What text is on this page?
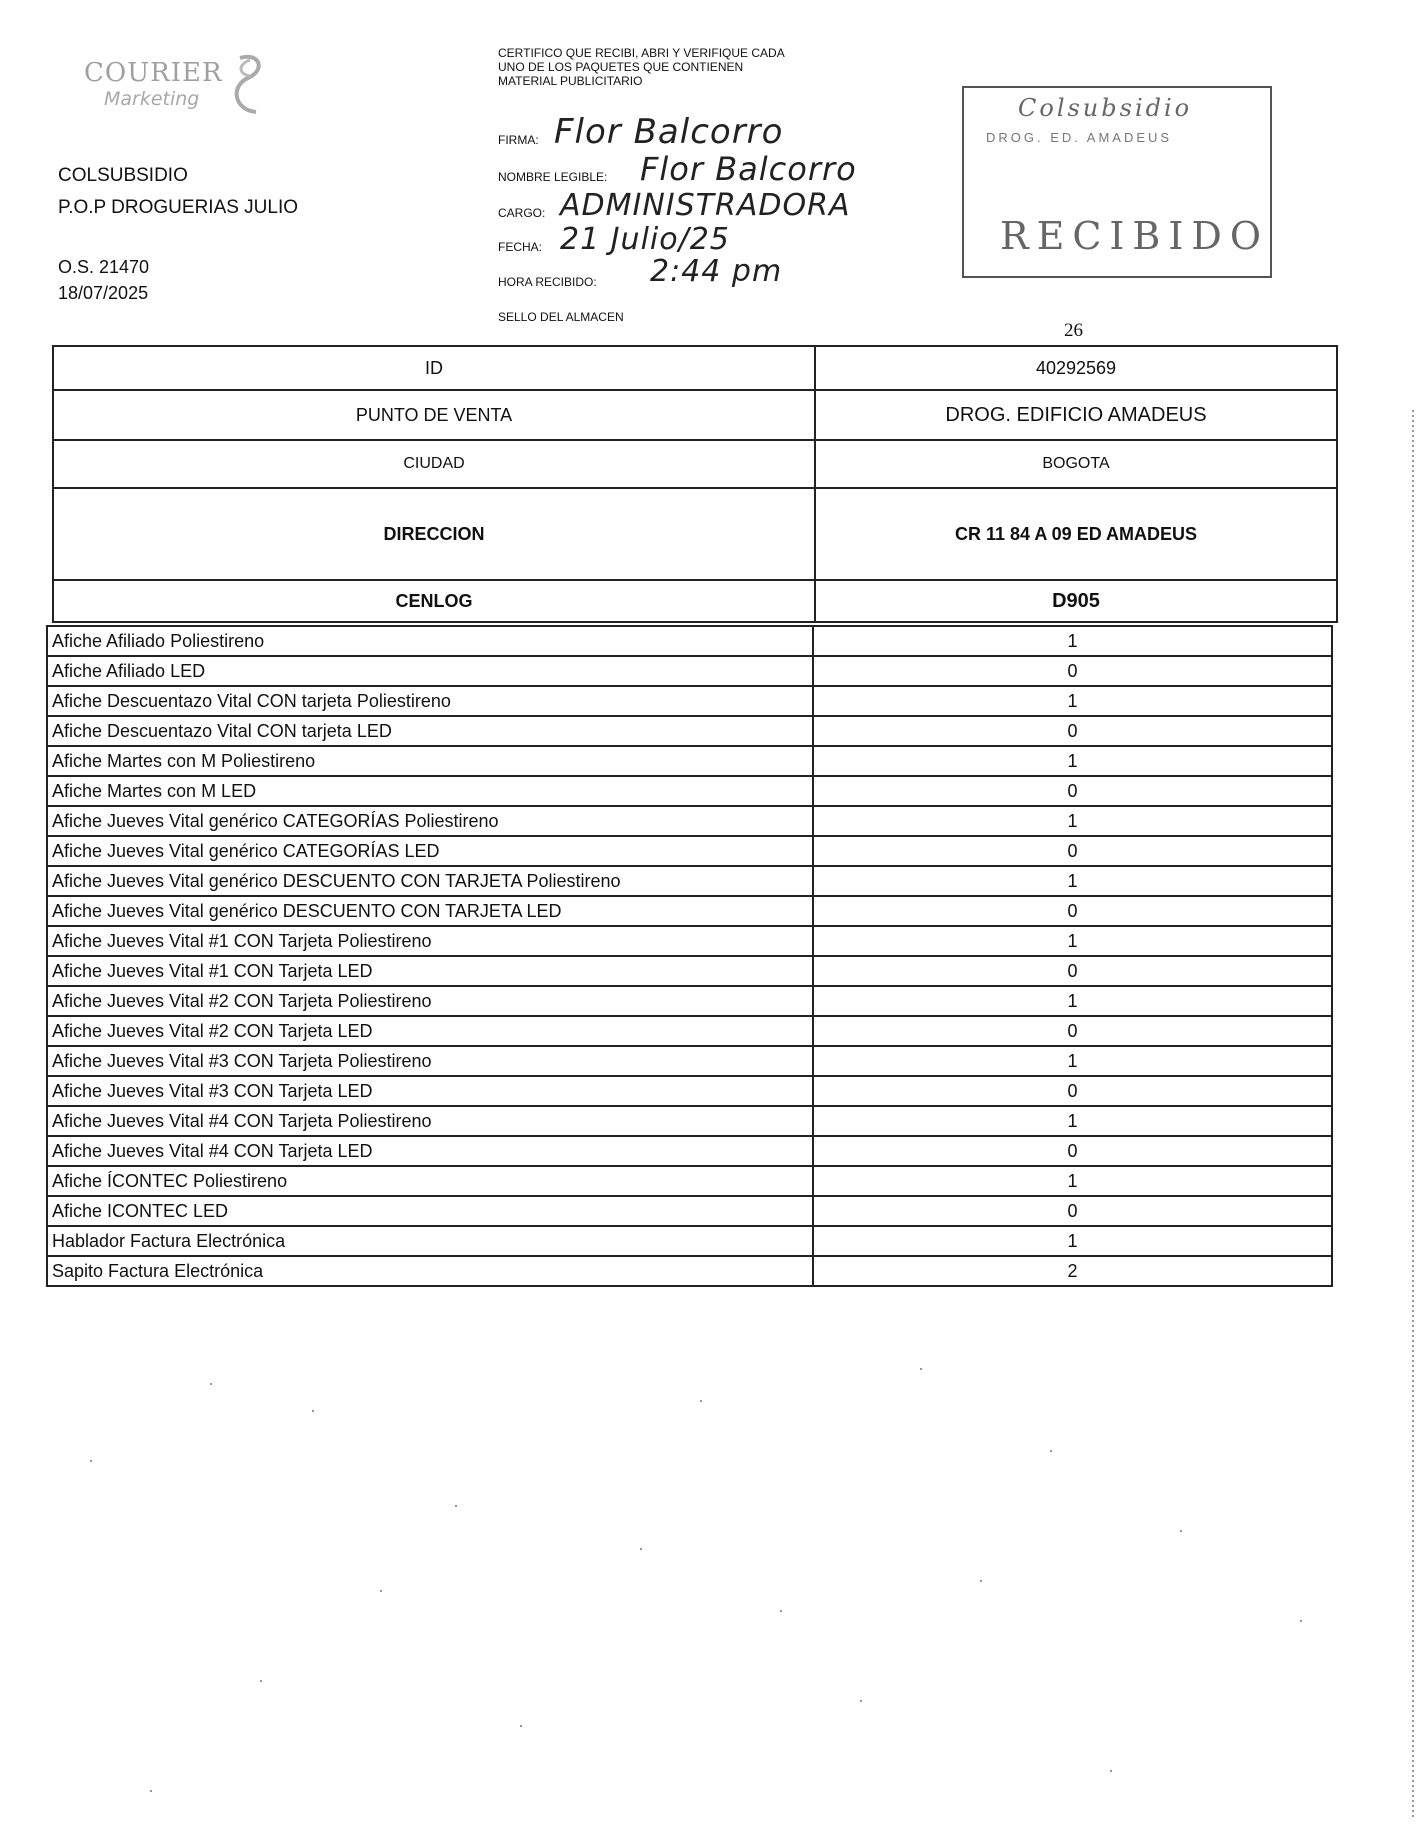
COURIER
Marketing
COLSUBSIDIO
P.O.P DROGUERIAS JULIO
O.S. 21470
18/07/2025
CERTIFICO QUE RECIBI, ABRI Y VERIFIQUE CADA UNO DE LOS PAQUETES QUE CONTIENEN MATERIAL PUBLICITARIO
FIRMA: Flor Balcorro
NOMBRE LEGIBLE: Flor Balcorro
CARGO: ADMINISTRADORA
FECHA: 21 Julio/25
HORA RECIBIDO: 2:44 pm
SELLO DEL ALMACEN
Colsubsidio
DROG. ED. AMADEUS
RECIBIDO
26
ID	40292569
PUNTO DE VENTA	DROG. EDIFICIO AMADEUS
CIUDAD	BOGOTA
DIRECCION	CR 11 84 A 09 ED AMADEUS
CENLOG	D905
Afiche Afiliado Poliestireno	1
Afiche Afiliado LED	0
Afiche Descuentazo Vital CON tarjeta Poliestireno	1
Afiche Descuentazo Vital CON tarjeta LED	0
Afiche Martes con M Poliestireno	1
Afiche Martes con M LED	0
Afiche Jueves Vital genérico CATEGORÍAS Poliestireno	1
Afiche Jueves Vital genérico CATEGORÍAS LED	0
Afiche Jueves Vital genérico DESCUENTO CON TARJETA Poliestireno	1
Afiche Jueves Vital genérico DESCUENTO CON TARJETA LED	0
Afiche Jueves Vital #1 CON Tarjeta Poliestireno	1
Afiche Jueves Vital #1 CON Tarjeta LED	0
Afiche Jueves Vital #2 CON Tarjeta Poliestireno	1
Afiche Jueves Vital #2 CON Tarjeta LED	0
Afiche Jueves Vital #3 CON Tarjeta Poliestireno	1
Afiche Jueves Vital #3 CON Tarjeta LED	0
Afiche Jueves Vital #4 CON Tarjeta Poliestireno	1
Afiche Jueves Vital #4 CON Tarjeta LED	0
Afiche ÍCONTEC Poliestireno	1
Afiche ICONTEC LED	0
Hablador Factura Electrónica	1
Sapito Factura Electrónica	2
